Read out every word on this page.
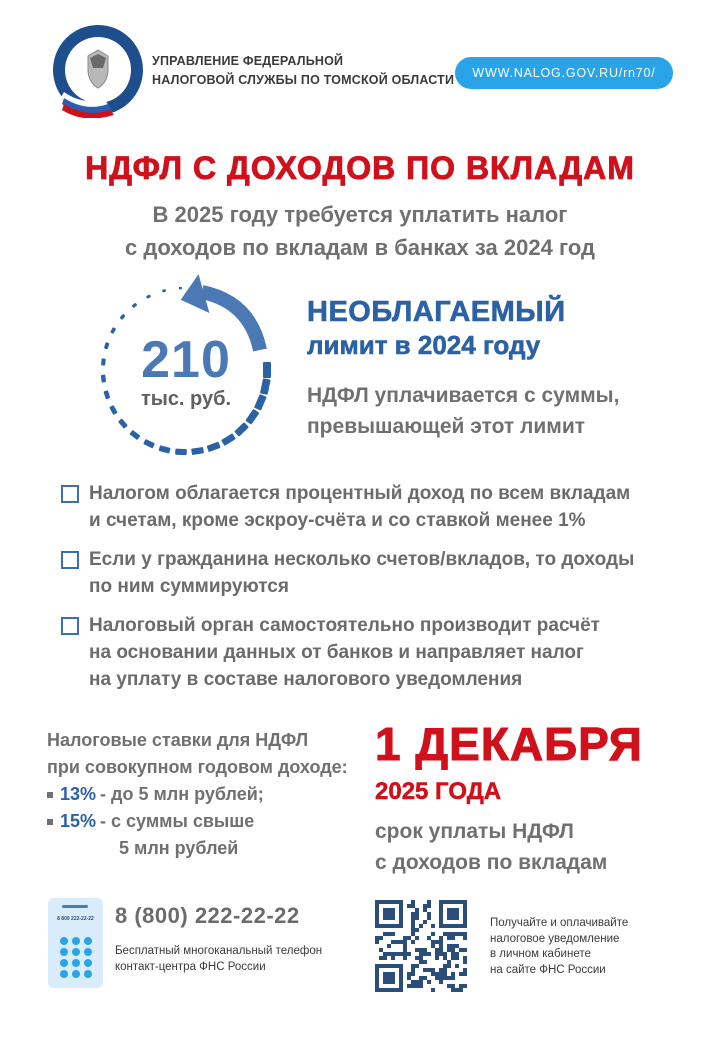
УПРАВЛЕНИЕ ФЕДЕРАЛЬНОЙ
НАЛОГОВОЙ СЛУЖБЫ ПО ТОМСКОЙ ОБЛАСТИ	WWW.NALOG.GOV.RU/rn70/
НДФЛ С ДОХОДОВ ПО ВКЛАДАМ
В 2025 году требуется уплатить налог
с доходов по вкладам в банках за 2024 год
210
тыс. руб.
НЕОБЛАГАЕМЫЙ
лимит в 2024 году
НДФЛ уплачивается с суммы,
превышающей этот лимит
Налогом облагается процентный доход по всем вкладам
и счетам, кроме эскроу-счёта и со ставкой менее 1%
Если у гражданина несколько счетов/вкладов, то доходы
по ним суммируются
Налоговый орган самостоятельно производит расчёт
на основании данных от банков и направляет налог
на уплату в составе налогового уведомления
Налоговые ставки для НДФЛ
при совокупном годовом доходе:
13% - до 5 млн рублей;
15% - с суммы свыше
5 млн рублей
1 ДЕКАБРЯ
2025 ГОДА
срок уплаты НДФЛ
с доходов по вкладам
8 800 222-22-22 8 (800) 222-22-22
Бесплатный многоканальный телефон
контакт-центра ФНС России
Получайте и оплачивайте
налоговое уведомление
в личном кабинете
на сайте ФНС России
